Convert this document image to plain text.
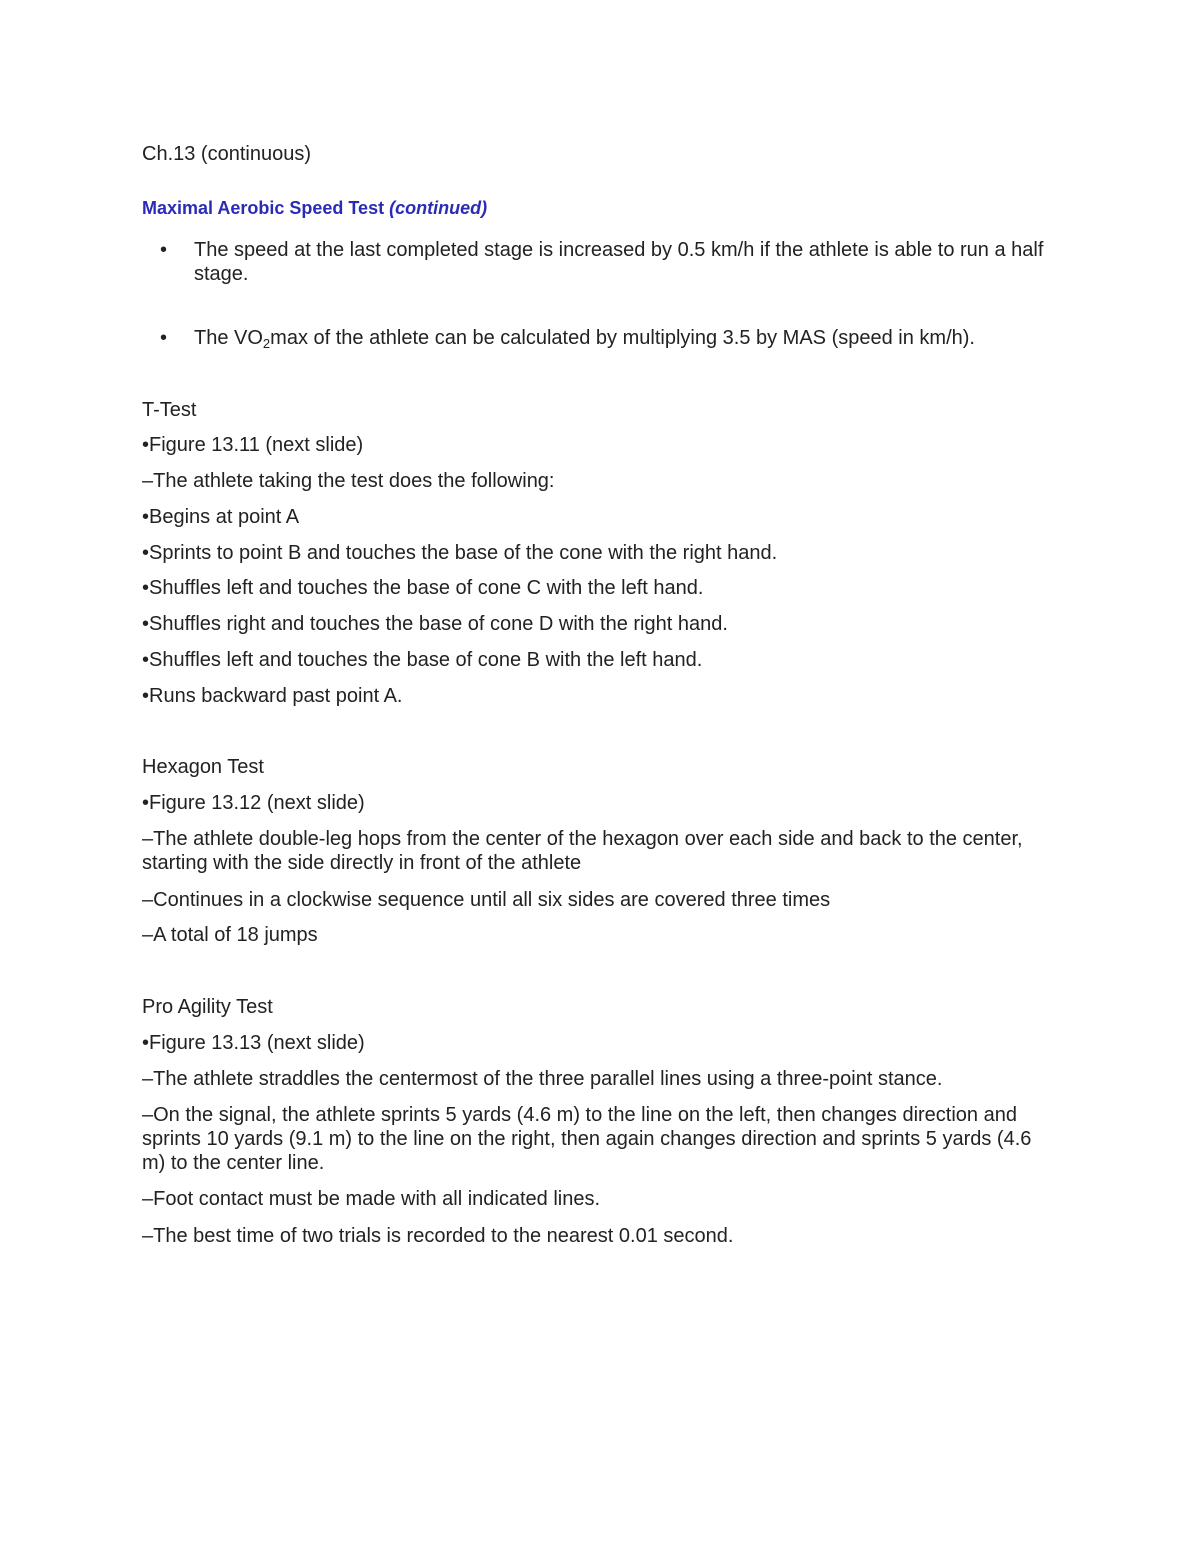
Ch.13 (continuous)
Maximal Aerobic Speed Test (continued)
• The speed at the last completed stage is increased by 0.5 km/h if the athlete is able to run a half stage.
• The $VO_2\max$ of the athlete can be calculated by multiplying 3.5 by MAS (speed in km/h).
T-Test
•Figure 13.11 (next slide)
–The athlete taking the test does the following:
•Begins at point A
•Sprints to point B and touches the base of the cone with the right hand.
•Shuffles left and touches the base of cone C with the left hand.
•Shuffles right and touches the base of cone D with the right hand.
•Shuffles left and touches the base of cone B with the left hand.
•Runs backward past point A.
Hexagon Test
•Figure 13.12 (next slide)
–The athlete double-leg hops from the center of the hexagon over each side and back to the center, starting with the side directly in front of the athlete
–Continues in a clockwise sequence until all six sides are covered three times
–A total of 18 jumps
Pro Agility Test
•Figure 13.13 (next slide)
–The athlete straddles the centermost of the three parallel lines using a three-point stance.
–On the signal, the athlete sprints 5 yards (4.6 m) to the line on the left, then changes direction and sprints 10 yards (9.1 m) to the line on the right, then again changes direction and sprints 5 yards (4.6 m) to the center line.
–Foot contact must be made with all indicated lines.
–The best time of two trials is recorded to the nearest 0.01 second.
